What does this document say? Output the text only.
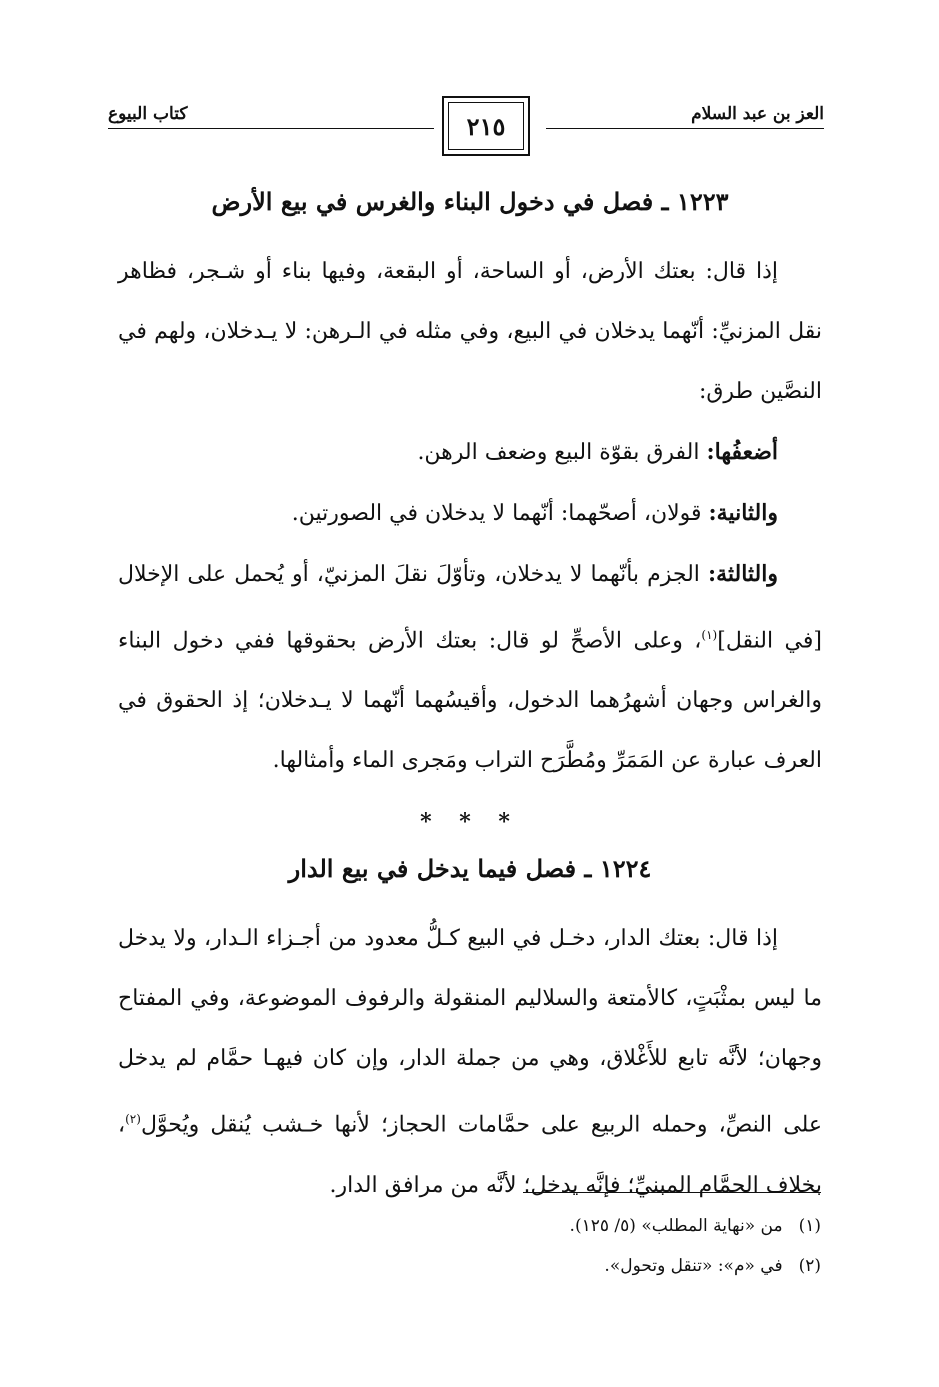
العز بن عبد السلام
٢١٥
كتاب البيوع
١٢٢٣ ـ فصل في دخول البناء والغرس في بيع الأرض

إذا قال: بعتك الأرض، أو الساحة، أو البقعة، وفيها بناء أو شـجر، فظاهر نقل المزنيِّ: أنّهما يدخلان في البيع، وفي مثله في الـرهن: لا يـدخلان، ولهم في النصَّين طرق:

أضعفُها: الفرق بقوّة البيع وضعف الرهن.

والثانية: قولان، أصحّهما: أنّهما لا يدخلان في الصورتين.

والثالثة: الجزم بأنّهما لا يدخلان، وتأوّلَ نقلَ المزنيّ، أو يُحمل على الإخلال [في النقل]$^{(١)}$، وعلى الأصحِّ لو قال: بعتك الأرض بحقوقها ففي دخول البناء والغراس وجهان أشهرُهما الدخول، وأقيسُهما أنّهما لا يـدخلان؛ إذ الحقوق في العرف عبارة عن المَمَرِّ ومُطَّرَح التراب ومَجرى الماء وأمثالها.

* * *
١٢٢٤ ـ فصل فيما يدخل في بيع الدار

إذا قال: بعتك الدار، دخـل في البيع كـلُّ معدود من أجـزاء الـدار، ولا يدخل ما ليس بمثْبَتٍ، كالأمتعة والسلاليم المنقولة والرفوف الموضوعة، وفي المفتاح وجهان؛ لأنَّه تابع للأَغْلاق، وهي من جملة الدار، وإن كان فيهـا حمَّام لم يدخل على النصِّ، وحمله الربيع على حمَّامات الحجاز؛ لأنها خـشب يُنقل ويُحوَّل$^{(٢)}$، بخلاف الحمَّام المبنيِّ؛ فإنَّه يدخل؛ لأنَّه من مرافق الدار.

(١)من «نهاية المطلب» (٥/ ١٢٥).

(٢)في «م»: «تنقل وتحول».
